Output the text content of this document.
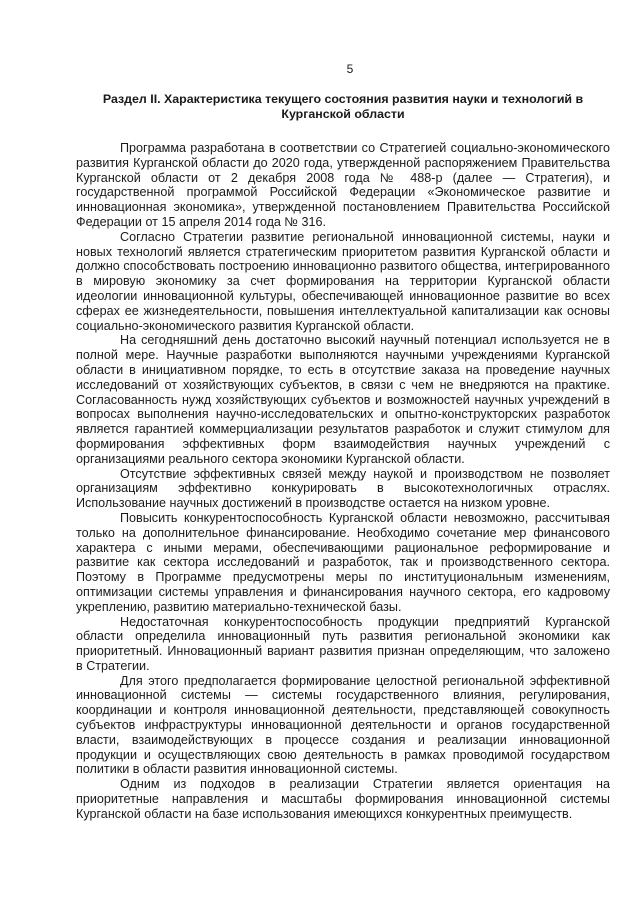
5
Раздел II. Характеристика текущего состояния развития науки и технологий в Курганской области

Программа разработана в соответствии со Стратегией социально-экономического развития Курганской области до 2020 года, утвержденной распоряжением Правительства Курганской области от 2 декабря 2008 года № 488-р (далее — Стратегия), и государственной программой Российской Федерации «Экономическое развитие и инновационная экономика», утвержденной постановлением Правительства Российской Федерации от 15 апреля 2014 года № 316.

Согласно Стратегии развитие региональной инновационной системы, науки и новых технологий является стратегическим приоритетом развития Курганской области и должно способствовать построению инновационно развитого общества, интегрированного в мировую экономику за счет формирования на территории Курганской области идеологии инновационной культуры, обеспечивающей инновационное развитие во всех сферах ее жизнедеятельности, повышения интеллектуальной капитализации как основы социально-экономического развития Курганской области.

На сегодняшний день достаточно высокий научный потенциал используется не в полной мере. Научные разработки выполняются научными учреждениями Курганской области в инициативном порядке, то есть в отсутствие заказа на проведение научных исследований от хозяйствующих субъектов, в связи с чем не внедряются на практике. Согласованность нужд хозяйствующих субъектов и возможностей научных учреждений в вопросах выполнения научно-исследовательских и опытно-конструкторских разработок является гарантией коммерциализации результатов разработок и служит стимулом для формирования эффективных форм взаимодействия научных учреждений с организациями реального сектора экономики Курганской области.

Отсутствие эффективных связей между наукой и производством не позволяет организациям эффективно конкурировать в высокотехнологичных отраслях. Использование научных достижений в производстве остается на низком уровне.

Повысить конкурентоспособность Курганской области невозможно, рассчитывая только на дополнительное финансирование. Необходимо сочетание мер финансового характера с иными мерами, обеспечивающими рациональное реформирование и развитие как сектора исследований и разработок, так и производственного сектора. Поэтому в Программе предусмотрены меры по институциональным изменениям, оптимизации системы управления и финансирования научного сектора, его кадровому укреплению, развитию материально-технической базы.

Недостаточная конкурентоспособность продукции предприятий Курганской области определила инновационный путь развития региональной экономики как приоритетный. Инновационный вариант развития признан определяющим, что заложено в Стратегии.

Для этого предполагается формирование целостной региональной эффективной инновационной системы — системы государственного влияния, регулирования, координации и контроля инновационной деятельности, представляющей совокупность субъектов инфраструктуры инновационной деятельности и органов государственной власти, взаимодействующих в процессе создания и реализации инновационной продукции и осуществляющих свою деятельность в рамках проводимой государством политики в области развития инновационной системы.

Одним из подходов в реализации Стратегии является ориентация на приоритетные направления и масштабы формирования инновационной системы Курганской области на базе использования имеющихся конкурентных преимуществ.
